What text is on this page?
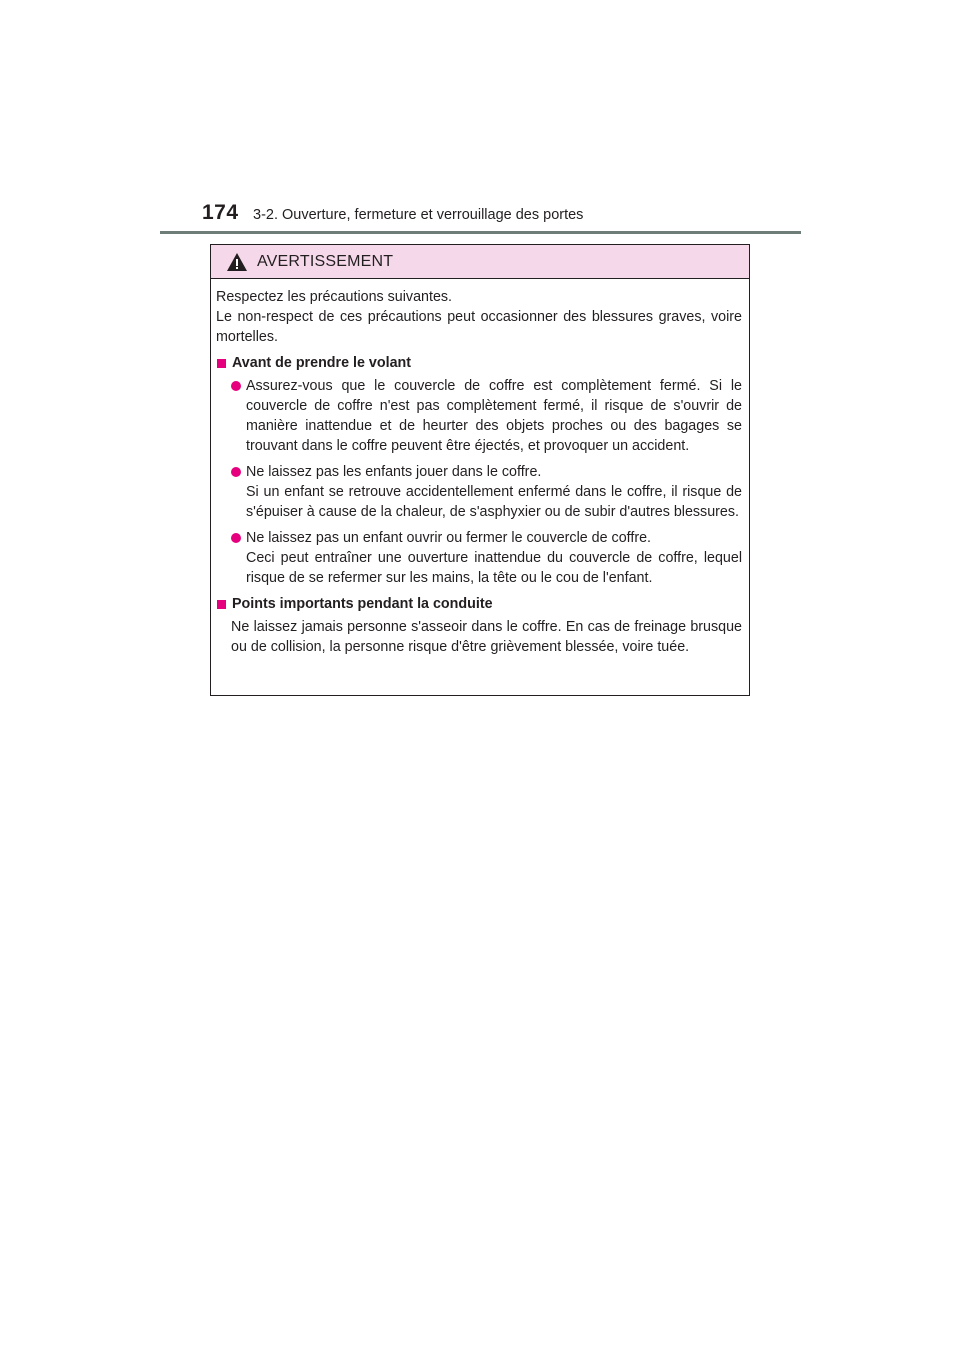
174 3-2. Ouverture, fermeture et verrouillage des portes
AVERTISSEMENT

Respectez les précautions suivantes.

Le non-respect de ces précautions peut occasionner des blessures graves, voire mortelles.

Avant de prendre le volant

Assurez-vous que le couvercle de coffre est complètement fermé. Si le couvercle de coffre n'est pas complètement fermé, il risque de s'ouvrir de manière inattendue et de heurter des objets proches ou des bagages se trouvant dans le coffre peuvent être éjectés, et provoquer un accident.

Ne laissez pas les enfants jouer dans le coffre.

Si un enfant se retrouve accidentellement enfermé dans le coffre, il risque de s'épuiser à cause de la chaleur, de s'asphyxier ou de subir d'autres blessures.

Ne laissez pas un enfant ouvrir ou fermer le couvercle de coffre.

Ceci peut entraîner une ouverture inattendue du couvercle de coffre, lequel risque de se refermer sur les mains, la tête ou le cou de l'enfant.

Points importants pendant la conduite

Ne laissez jamais personne s'asseoir dans le coffre. En cas de freinage brusque ou de collision, la personne risque d'être grièvement blessée, voire tuée.
